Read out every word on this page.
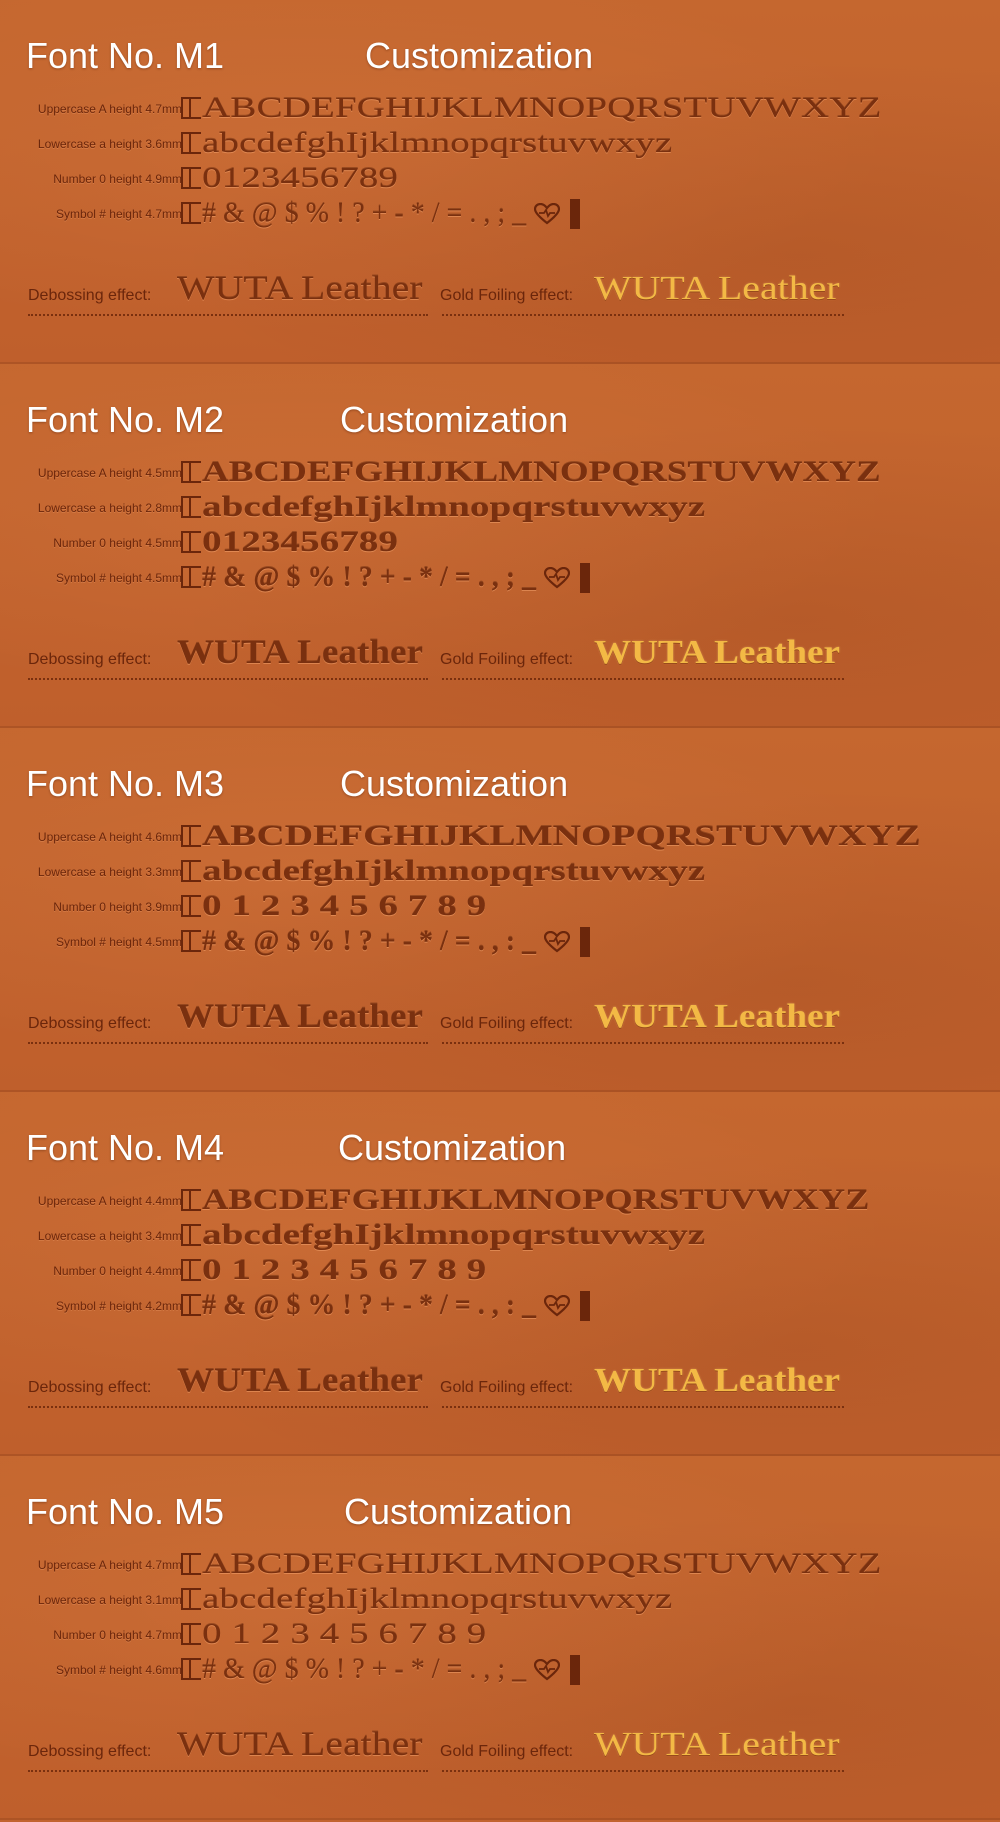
Font No. M1	Customization
Uppercase A height 4.7mm ABCDEFGHIJKLMNOPQRSTUVWXYZ
Lowercase a height 3.6mm abcdefghIjklmnopqrstuvwxyz
Number 0 height 4.9mm 0123456789
Symbol # height 4.7mm # & @ $ % ! ? + - * / = . , ; _
Debossing effect: WUTA Leather Gold Foiling effect: WUTA Leather
Font No. M2	Customization
Uppercase A height 4.5mm ABCDEFGHIJKLMNOPQRSTUVWXYZ
Lowercase a height 2.8mm abcdefghIjklmnopqrstuvwxyz
Number 0 height 4.5mm 0123456789
Symbol # height 4.5mm # & @ $ % ! ? + - * / = . , ; _
Debossing effect: WUTA Leather Gold Foiling effect: WUTA Leather
Font No. M3	Customization
Uppercase A height 4.6mm ABCDEFGHIJKLMNOPQRSTUVWXYZ
Lowercase a height 3.3mm abcdefghIjklmnopqrstuvwxyz
Number 0 height 3.9mm 0 1 2 3 4 5 6 7 8 9
Symbol # height 4.5mm # & @ $ % ! ? + - * / = . , : _
Debossing effect: WUTA Leather Gold Foiling effect: WUTA Leather
Font No. M4	Customization
Uppercase A height 4.4mm ABCDEFGHIJKLMNOPQRSTUVWXYZ
Lowercase a height 3.4mm abcdefghIjklmnopqrstuvwxyz
Number 0 height 4.4mm 0 1 2 3 4 5 6 7 8 9
Symbol # height 4.2mm # & @ $ % ! ? + - * / = . , : _
Debossing effect: WUTA Leather Gold Foiling effect: WUTA Leather
Font No. M5	Customization
Uppercase A height 4.7mm ABCDEFGHIJKLMNOPQRSTUVWXYZ
Lowercase a height 3.1mm abcdefghIjklmnopqrstuvwxyz
Number 0 height 4.7mm 0 1 2 3 4 5 6 7 8 9
Symbol # height 4.6mm # & @ $ % ! ? + - * / = . , ; _
Debossing effect: WUTA Leather Gold Foiling effect: WUTA Leather
